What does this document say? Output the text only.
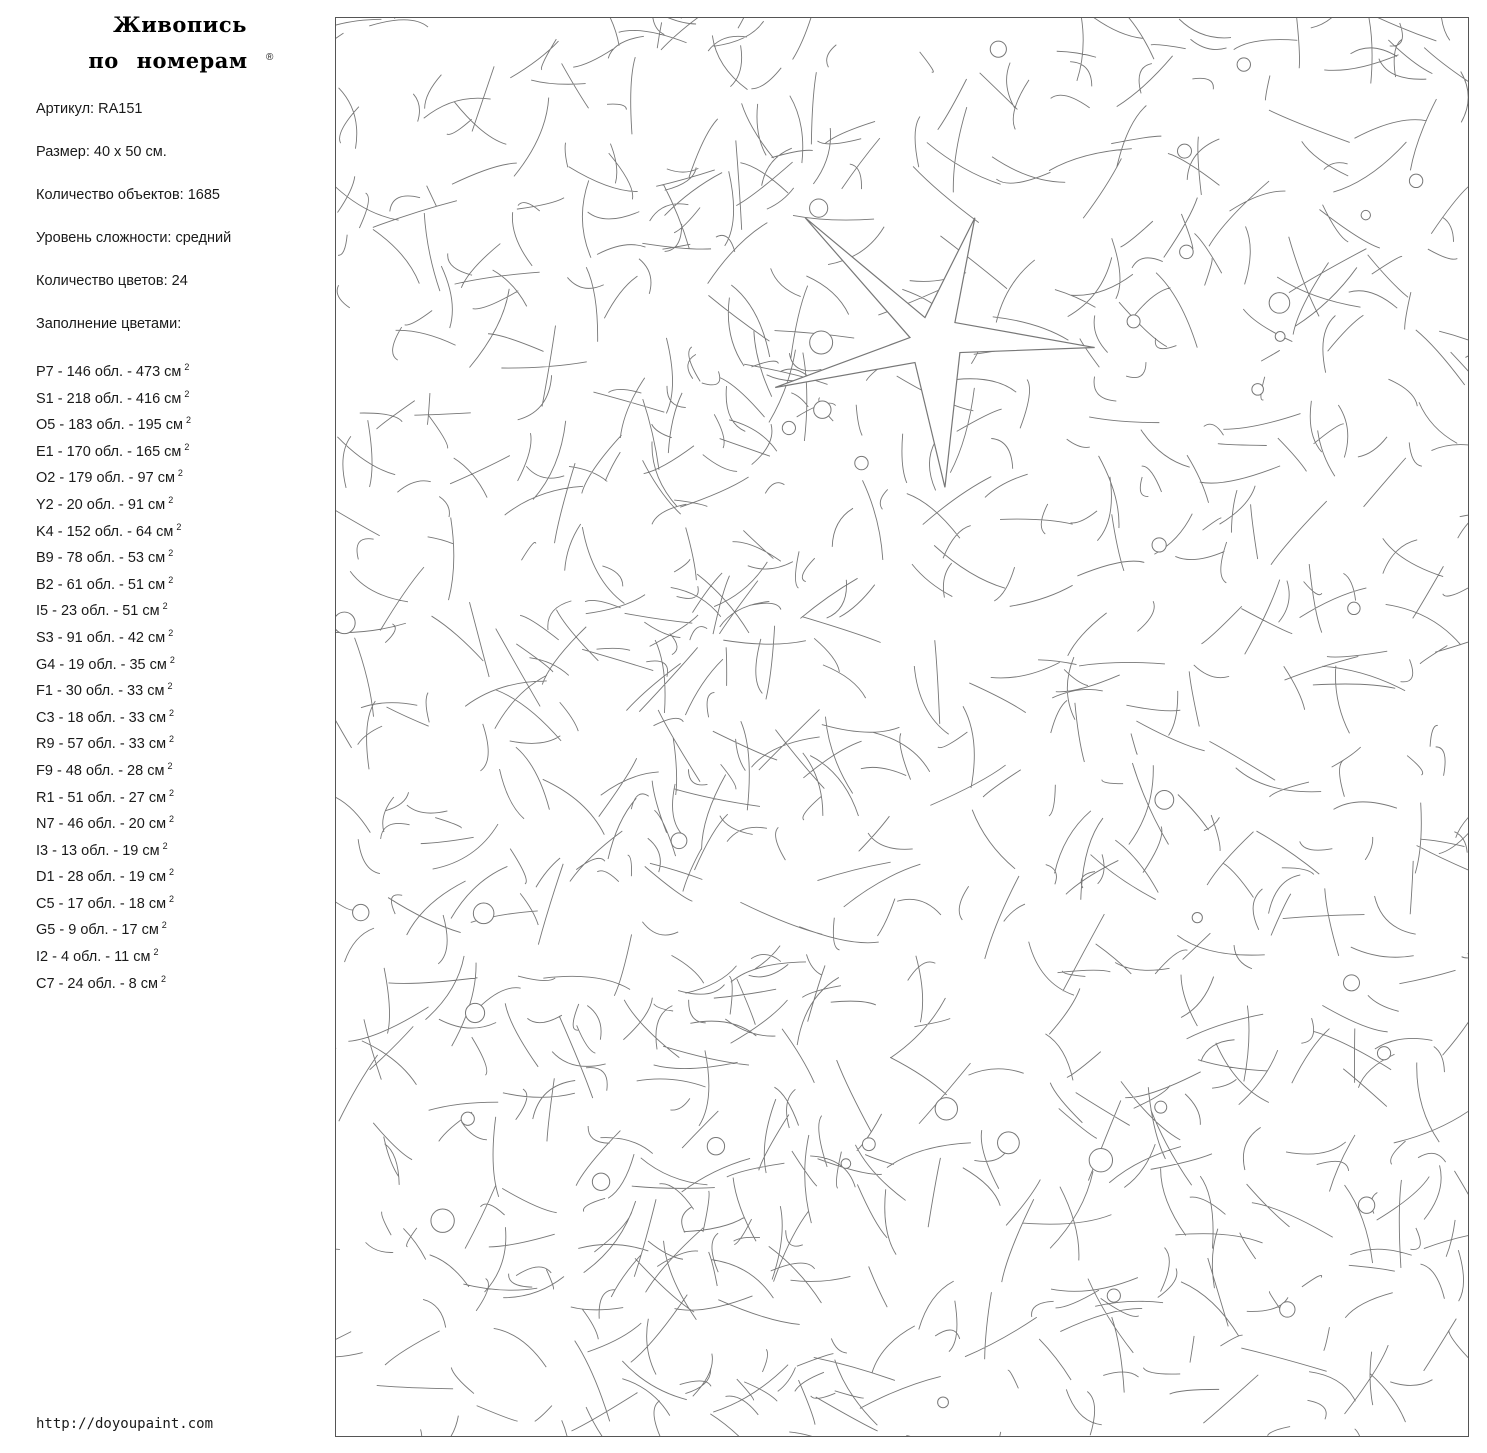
Живопись
по номерам	®
Артикул: RA151
Размер: 40 x 50 см.
Количество объектов: 1685
Уровень сложности: средний
Количество цветов: 24
Заполнение цветами:
P7 - 146 обл. - 473 см $^2$
S1 - 218 обл. - 416 см $^2$
O5 - 183 обл. - 195 см $^2$
E1 - 170 обл. - 165 см $^2$
O2 - 179 обл. - 97 см $^2$
Y2 - 20 обл. - 91 см $^2$
K4 - 152 обл. - 64 см $^2$
B9 - 78 обл. - 53 см $^2$
B2 - 61 обл. - 51 см $^2$
I5 - 23 обл. - 51 см $^2$
S3 - 91 обл. - 42 см $^2$
G4 - 19 обл. - 35 см $^2$
F1 - 30 обл. - 33 см $^2$
C3 - 18 обл. - 33 см $^2$
R9 - 57 обл. - 33 см $^2$
F9 - 48 обл. - 28 см $^2$
R1 - 51 обл. - 27 см $^2$
N7 - 46 обл. - 20 см $^2$
I3 - 13 обл. - 19 см $^2$
D1 - 28 обл. - 19 см $^2$
C5 - 17 обл. - 18 см $^2$
G5 - 9 обл. - 17 см $^2$
I2 - 4 обл. - 11 см $^2$
C7 - 24 обл. - 8 см $^2$
http://doyoupaint.com
